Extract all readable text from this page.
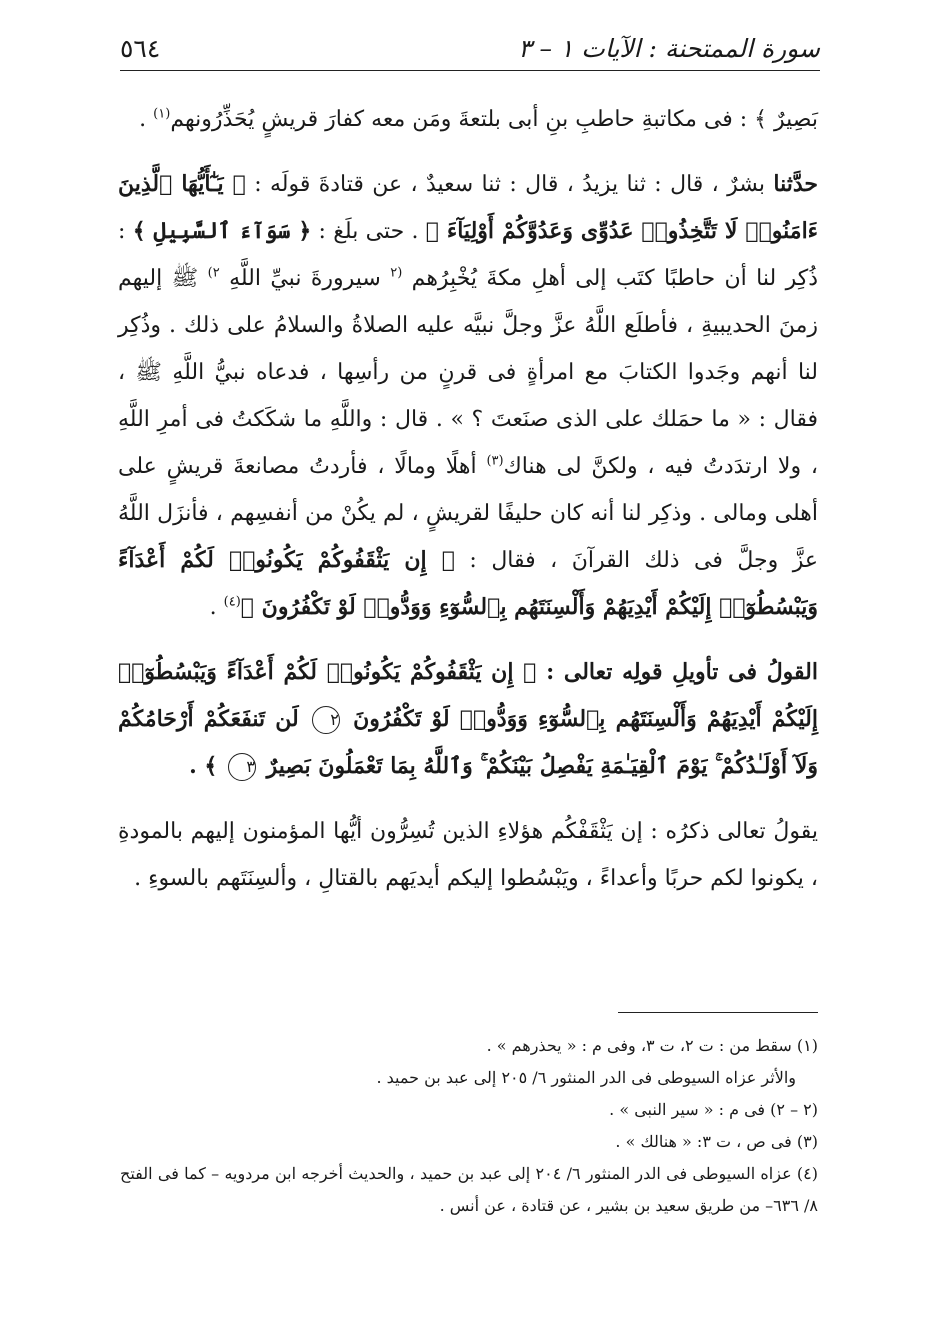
سورة الممتحنة : الآيات ١ – ٣
٥٦٤

بَصِيرٌ ﴾ : فى مكاتبةِ حاطبِ بنِ أبى بلتعةَ ومَن معه كفارَ قريشٍ يُحَذِّرُونهم$^{(١)}$ .

حدَّثنا بشرٌ ، قال : ثنا يزيدُ ، قال : ثنا سعيدٌ ، عن قتادةَ قولَه : ﴿ يَـٰٓأَيُّهَا ٱلَّذِينَ ءَامَنُوا۟ لَا تَتَّخِذُوا۟ عَدُوِّى وَعَدُوَّكُمْ أَوْلِيَآءَ ﴾ . حتى بلَغ : ﴿ سَوَآءَ ٱلسَّبِيلِ ﴾ : ذُكِر لنا أن حاطبًا كتَب إلى أهلِ مكةَ يُخْبِرُهم $^{(٢}$ سيرورةَ نبيِّ اللَّهِ $^{٢)}$ ﷺ إليهم زمنَ الحديبيةِ ، فأطلَع اللَّهُ عزَّ وجلَّ نبيَّه عليه الصلاةُ والسلامُ على ذلك . وذُكِر لنا أنهم وجَدوا الكتابَ مع امرأةٍ فى قرنٍ من رأسِها ، فدعاه نبيُّ اللَّهِ ﷺ ، فقال : « ما حمَلك على الذى صنَعتَ ؟ » . قال : واللَّهِ ما شكَكتُ فى أمرِ اللَّهِ ، ولا ارتدَدتُ فيه ، ولكنَّ لى هناك$^{(٣)}$ أهلًا ومالًا ، فأردتُ مصانعةَ قريشٍ على أهلى ومالى . وذكِر لنا أنه كان حليفًا لقريشٍ ، لم يكُنْ من أنفسِهم ، فأنزَل اللَّهُ عزَّ وجلَّ فى ذلك القرآنَ ، فقال : ﴿ إِن يَثْقَفُوكُمْ يَكُونُوا۟ لَكُمْ أَعْدَآءً وَيَبْسُطُوٓا۟ إِلَيْكُمْ أَيْدِيَهُمْ وَأَلْسِنَتَهُم بِٱلسُّوٓءِ وَوَدُّوا۟ لَوْ تَكْفُرُونَ ﴾$^{(٤)}$ .

القولُ فى تأويلِ قولِه تعالى : ﴿ إِن يَثْقَفُوكُمْ يَكُونُوا۟ لَكُمْ أَعْدَآءً وَيَبْسُطُوٓا۟ إِلَيْكُمْ أَيْدِيَهُمْ وَأَلْسِنَتَهُم بِٱلسُّوٓءِ وَوَدُّوا۟ لَوْ تَكْفُرُونَ ٢ لَن تَنفَعَكُمْ أَرْحَامُكُمْ وَلَآ أَوْلَـٰدُكُمْ ۚ يَوْمَ ٱلْقِيَـٰمَةِ يَفْصِلُ بَيْنَكُمْ ۚ وَٱللَّهُ بِمَا تَعْمَلُونَ بَصِيرٌ ٣ ﴾ .

يقولُ تعالى ذكرُه : إن يَثْقَفْكُم هؤلاءِ الذين تُسِرُّون أيُّها المؤمنون إليهم بالمودةِ ، يكونوا لكم حربًا وأعداءً ، ويَبْسُطوا إليكم أيديَهم بالقتالِ ، وألسِنَتَهم بالسوءِ .

(١) سقط من : ت ٢، ت ٣، وفى م : « يحذرهم » .

والأثر عزاه السيوطى فى الدر المنثور ٦/ ٢٠٥ إلى عبد بن حميد .

(٢ – ٢) فى م : « سير النبى » .

(٣) فى ص ، ت ٣: « هنالك » .

(٤) عزاه السيوطى فى الدر المنثور ٦/ ٢٠٤ إلى عبد بن حميد ، والحديث أخرجه ابن مردويه – كما فى الفتح ٨/ ٦٣٦– من طريق سعيد بن بشير ، عن قتادة ، عن أنس .
